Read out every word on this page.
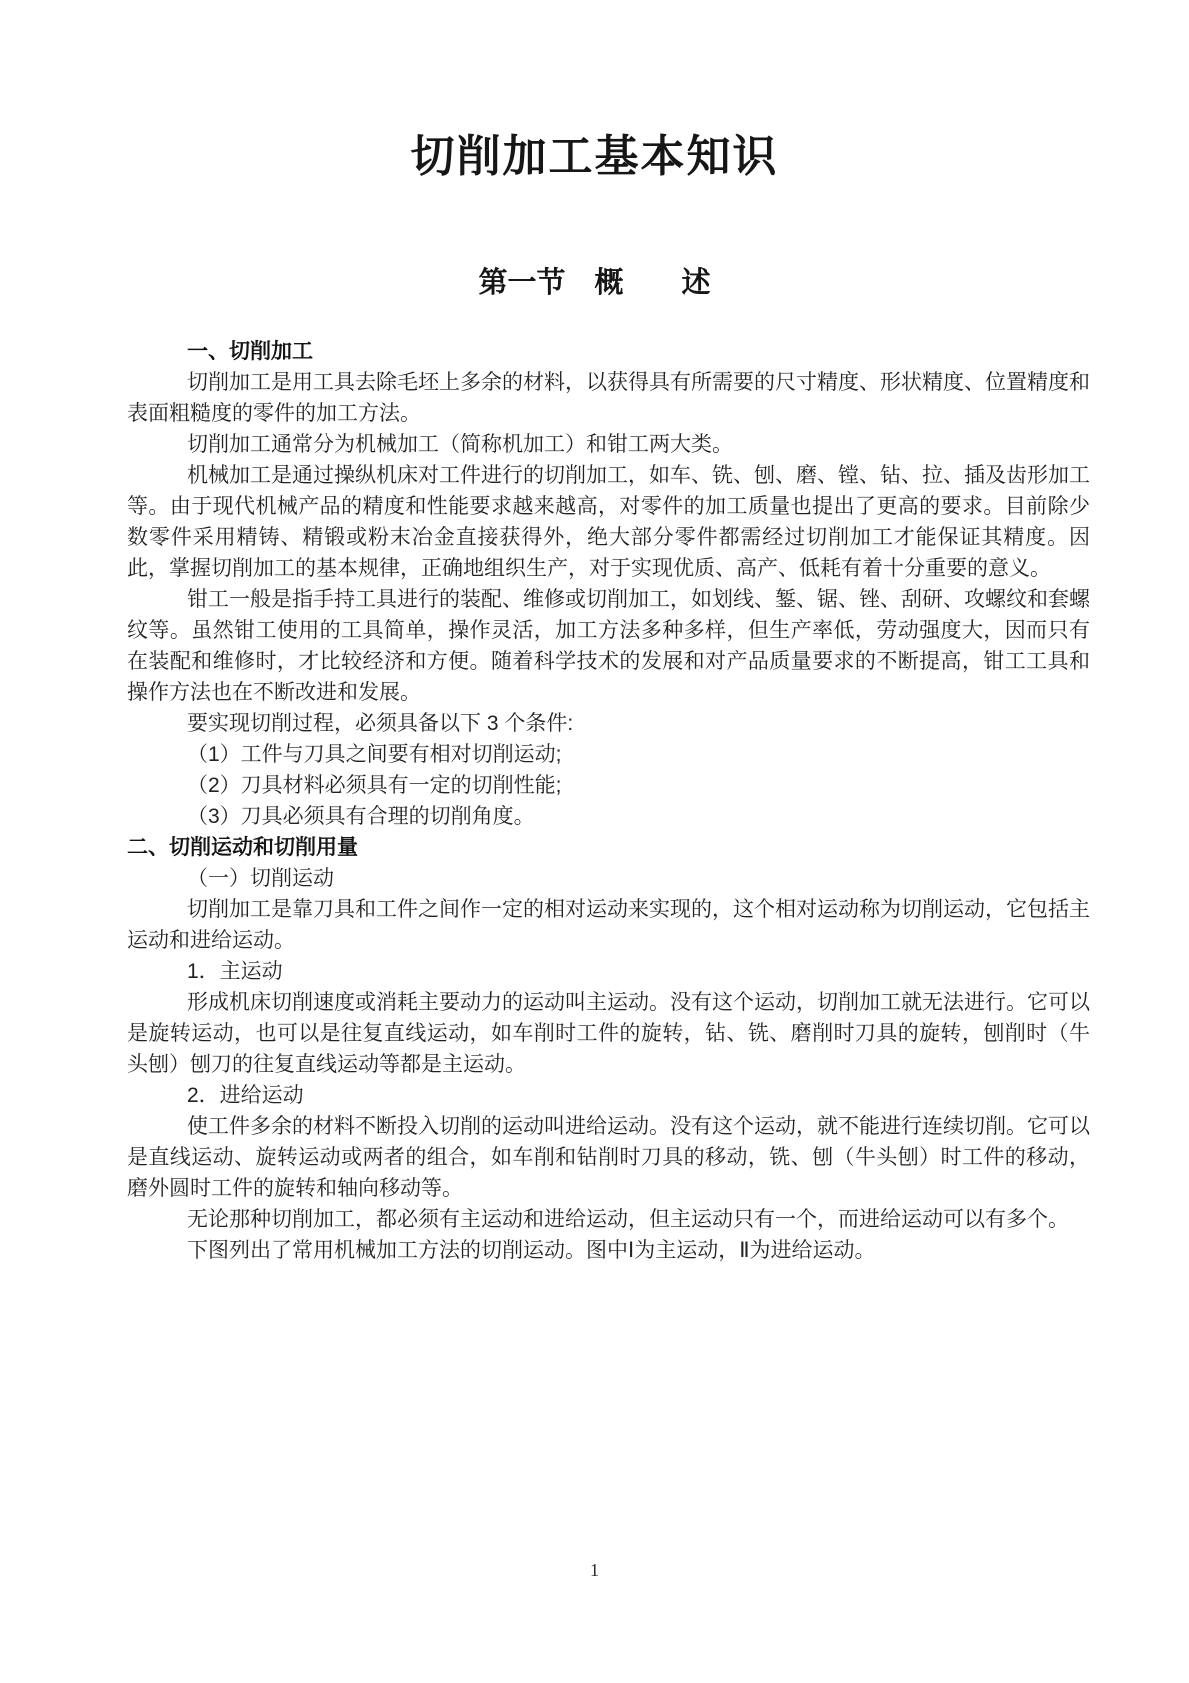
切削加工基本知识
第一节　概　　述

一、切削加工

切削加工是用工具去除毛坯上多余的材料，以获得具有所需要的尺寸精度、形状精度、位置精度和表面粗糙度的零件的加工方法。

切削加工通常分为机械加工（简称机加工）和钳工两大类。

机械加工是通过操纵机床对工件进行的切削加工，如车、铣、刨、磨、镗、钻、拉、插及齿形加工等。由于现代机械产品的精度和性能要求越来越高，对零件的加工质量也提出了更高的要求。目前除少数零件采用精铸、精锻或粉末冶金直接获得外，绝大部分零件都需经过切削加工才能保证其精度。因此，掌握切削加工的基本规律，正确地组织生产，对于实现优质、高产、低耗有着十分重要的意义。

钳工一般是指手持工具进行的装配、维修或切削加工，如划线、錾、锯、锉、刮研、攻螺纹和套螺纹等。虽然钳工使用的工具简单，操作灵活，加工方法多种多样，但生产率低，劳动强度大，因而只有在装配和维修时，才比较经济和方便。随着科学技术的发展和对产品质量要求的不断提高，钳工工具和操作方法也在不断改进和发展。

要实现切削过程，必须具备以下 3 个条件:

（1）工件与刀具之间要有相对切削运动;

（2）刀具材料必须具有一定的切削性能;

（3）刀具必须具有合理的切削角度。

二、切削运动和切削用量

（一）切削运动

切削加工是靠刀具和工件之间作一定的相对运动来实现的，这个相对运动称为切削运动，它包括主运动和进给运动。

1．主运动

形成机床切削速度或消耗主要动力的运动叫主运动。没有这个运动，切削加工就无法进行。它可以是旋转运动，也可以是往复直线运动，如车削时工件的旋转，钻、铣、磨削时刀具的旋转，刨削时（牛头刨）刨刀的往复直线运动等都是主运动。

2．进给运动

使工件多余的材料不断投入切削的运动叫进给运动。没有这个运动，就不能进行连续切削。它可以是直线运动、旋转运动或两者的组合，如车削和钻削时刀具的移动，铣、刨（牛头刨）时工件的移动，磨外圆时工件的旋转和轴向移动等。

无论那种切削加工，都必须有主运动和进给运动，但主运动只有一个，而进给运动可以有多个。

下图列出了常用机械加工方法的切削运动。图中Ⅰ为主运动，Ⅱ为进给运动。

1
